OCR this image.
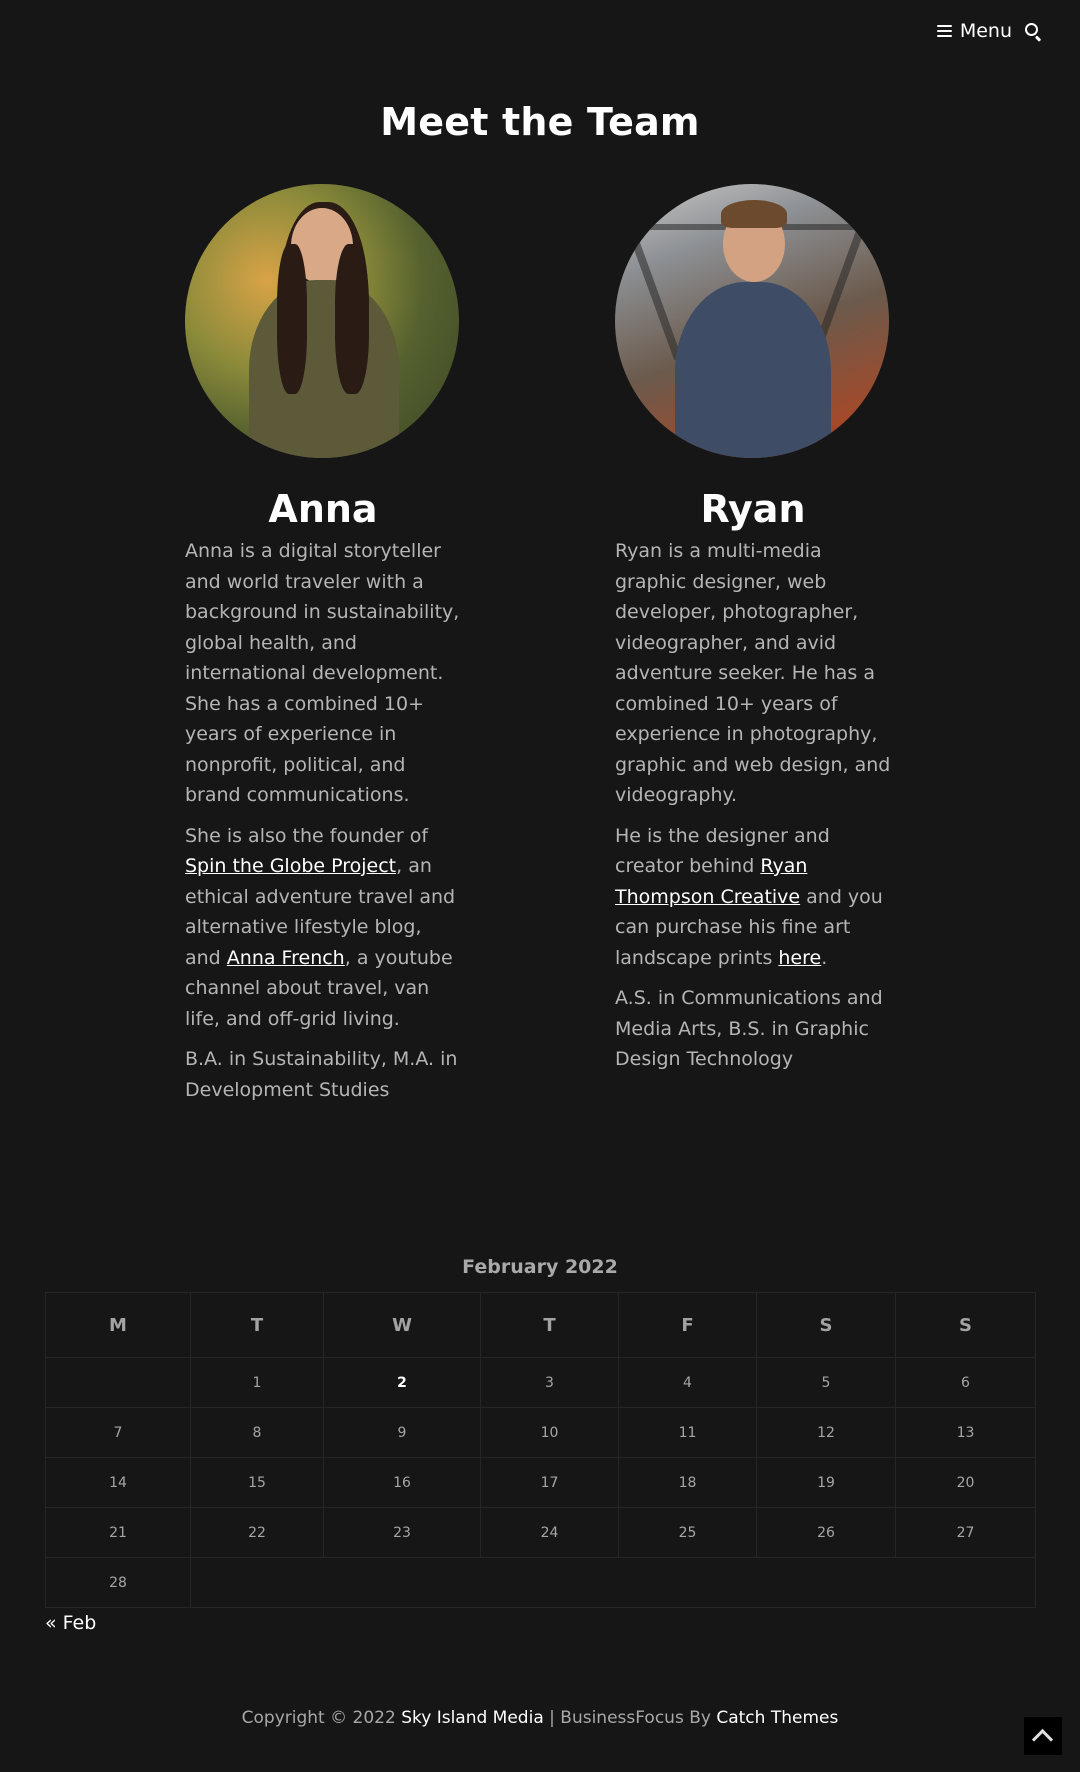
Menu
Meet the Team
Anna

Anna is a digital storyteller and world traveler with a background in sustainability, global health, and international development. She has a combined 10+ years of experience in nonprofit, political, and brand communications.

She is also the founder of Spin the Globe Project, an ethical adventure travel and alternative lifestyle blog, and Anna French, a youtube channel about travel, van life, and off-grid living.

B.A. in Sustainability, M.A. in Development Studies

Ryan

Ryan is a multi-media graphic designer, web developer, photographer, videographer, and avid adventure seeker. He has a combined 10+ years of experience in photography, graphic and web design, and videography.

He is the designer and creator behind Ryan Thompson Creative and you can purchase his fine art landscape prints here.

A.S. in Communications and Media Arts, B.S. in Graphic Design Technology

February 2022
M	T	W	T	F	S	S
	1	2	3	4	5	6
7	8	9	10	11	12	13
14	15	16	17	18	19	20
21	22	23	24	25	26	27
28						
« Feb
Copyright © 2022 Sky Island Media | BusinessFocus By Catch Themes
